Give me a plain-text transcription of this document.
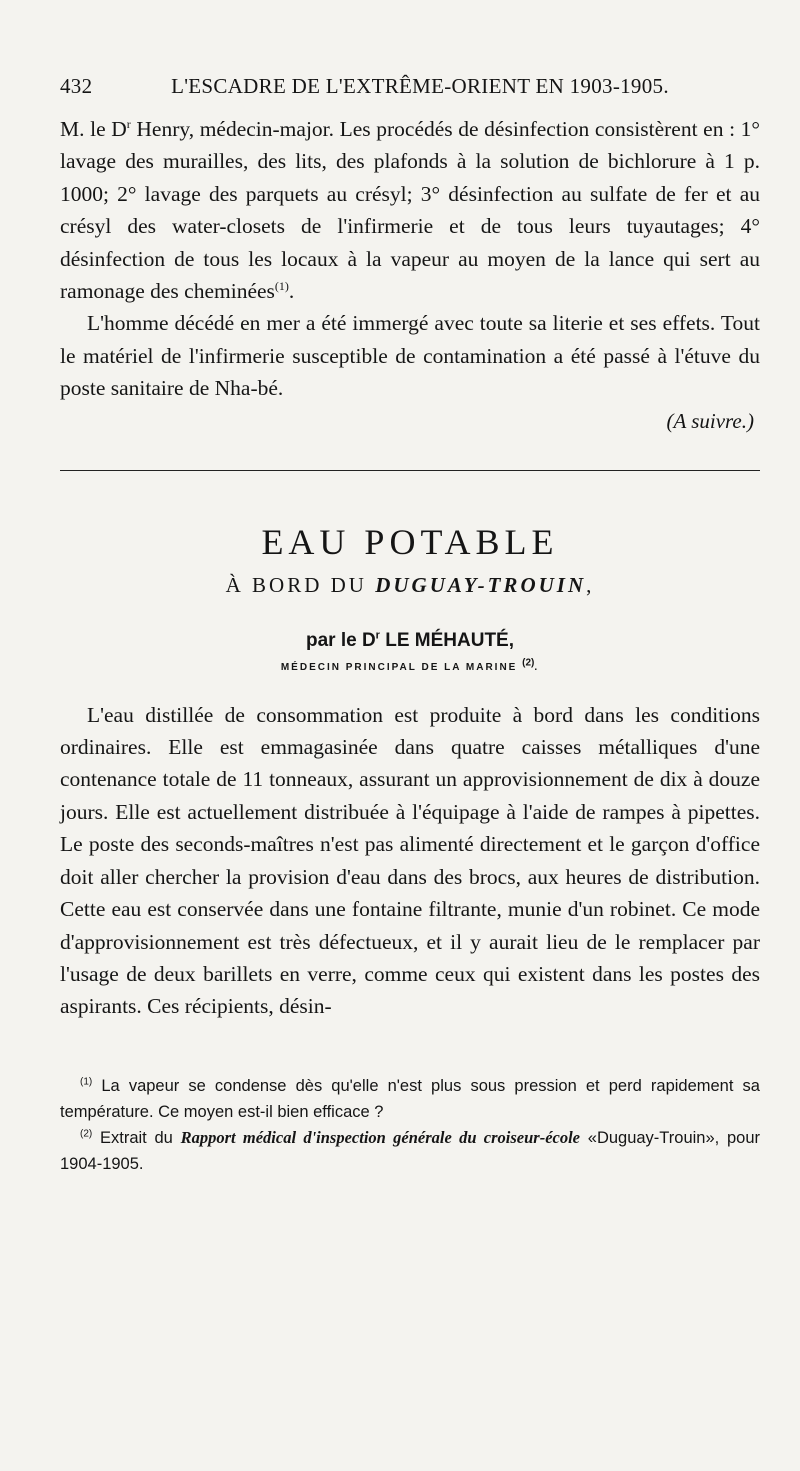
432	L'ESCADRE DE L'EXTRÊME-ORIENT EN 1903-1905.

M. le $D^r$ Henry, médecin-major. Les procédés de désinfection consistèrent en : 1° lavage des murailles, des lits, des plafonds à la solution de bichlorure à 1 p. 1000; 2° lavage des parquets au crésyl; 3° désinfection au sulfate de fer et au crésyl des water-closets de l'infirmerie et de tous leurs tuyautages; 4° désinfection de tous les locaux à la vapeur au moyen de la lance qui sert au ramonage des cheminées$^{(1)}$.

L'homme décédé en mer a été immergé avec toute sa literie et ses effets. Tout le matériel de l'infirmerie susceptible de contamination a été passé à l'étuve du poste sanitaire de Nha-bé.

(A suivre.)
EAU POTABLE
À BORD DU DUGUAY-TROUIN,
par le $D^r$ LE MÉHAUTÉ,
MÉDECIN PRINCIPAL DE LA MARINE $^{(2)}$.

L'eau distillée de consommation est produite à bord dans les conditions ordinaires. Elle est emmagasinée dans quatre caisses métalliques d'une contenance totale de 11 tonneaux, assurant un approvisionnement de dix à douze jours. Elle est actuellement distribuée à l'équipage à l'aide de rampes à pipettes. Le poste des seconds-maîtres n'est pas alimenté directement et le garçon d'office doit aller chercher la provision d'eau dans des brocs, aux heures de distribution. Cette eau est conservée dans une fontaine filtrante, munie d'un robinet. Ce mode d'approvisionnement est très défectueux, et il y aurait lieu de le remplacer par l'usage de deux barillets en verre, comme ceux qui existent dans les postes des aspirants. Ces récipients, désin-

$^{(1)}$ La vapeur se condense dès qu'elle n'est plus sous pression et perd rapidement sa température. Ce moyen est-il bien efficace ?

$^{(2)}$ Extrait du Rapport médical d'inspection générale du croiseur-école «Duguay-Trouin», pour 1904-1905.
